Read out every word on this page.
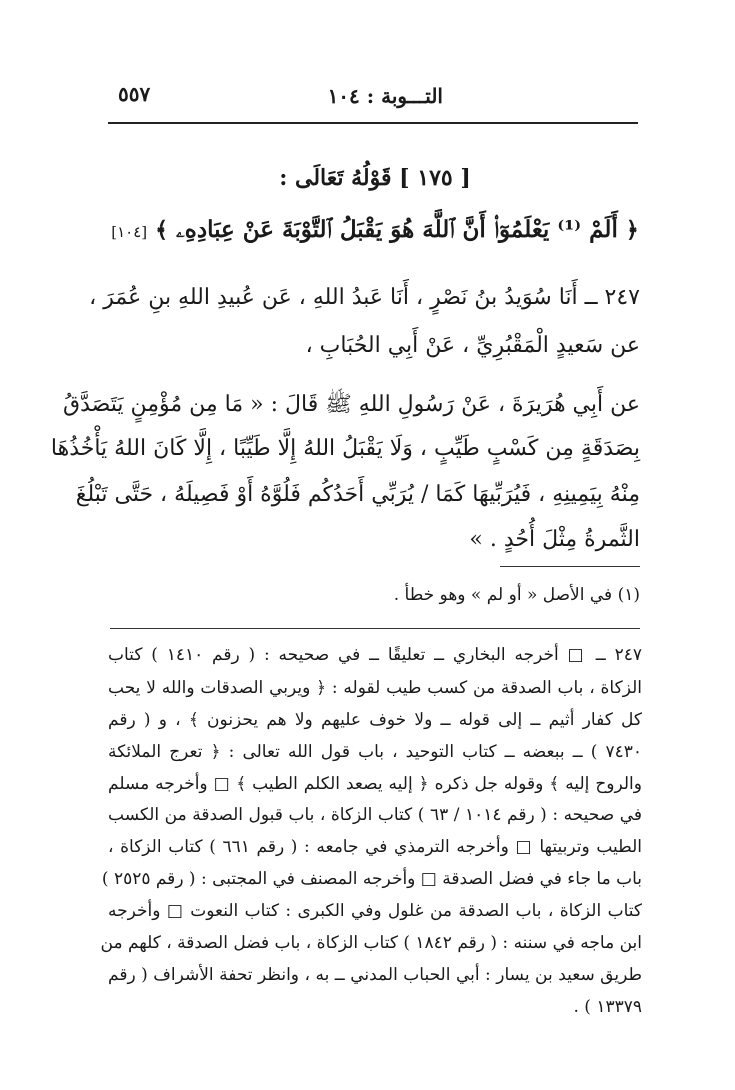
٥٥٧	التـــوبة : ١٠٤
[ ١٧٥ ] قَوْلُهُ تَعَالَى :
﴿ أَلَمْ ⁽¹⁾ يَعْلَمُوٓا۟ أَنَّ ٱللَّهَ هُوَ يَقْبَلُ ٱلتَّوْبَةَ عَنْ عِبَادِهِۦ ﴾ [١٠٤]
٢٤٧ ــ أَنَا سُوَيدُ بنُ نَصْرٍ ، أَنَا عَبدُ اللهِ ، عَن عُبيدِ اللهِ بنِ عُمَرَ ،
عن سَعيدٍ الْمَقْبُرِيِّ ، عَنْ أَبِي الحُبَابِ ،
عن أَبِي هُرَيرَةَ ، عَنْ رَسُولِ اللهِ ﷺ قَالَ : « مَا مِن مُؤْمِنٍ يَتَصَدَّقُ
بِصَدَقَةٍ مِن كَسْبٍ طَيِّبٍ ، وَلَا يَقْبَلُ اللهُ إِلَّا طَيِّبًا ، إِلَّا كَانَ اللهُ يَأْخُذُهَا
مِنْهُ بِيَمِينِهِ ، فَيُرَبِّيهَا كَمَا / يُرَبِّي أَحَدُكُم فَلُوَّهُ أَوْ فَصِيلَهُ ، حَتَّى تَبْلُغَ
الثَّمرةُ مِثْلَ أُحُدٍ . »
(١) في الأصل « أو لم » وهو خطأ .
٢٤٧ ــ □ أخرجه البخاري ــ تعليقًا ــ في صحيحه : ( رقم ١٤١٠ ) كتاب
الزكاة ، باب الصدقة من كسب طيب لقوله : ﴿ ويربي الصدقات والله لا يحب
كل كفار أثيم ــ إلى قوله ــ ولا خوف عليهم ولا هم يحزنون ﴾ ، و ( رقم
٧٤٣٠ ) ــ ببعضه ــ كتاب التوحيد ، باب قول الله تعالى : ﴿ تعرج الملائكة
والروح إليه ﴾ وقوله جل ذكره ﴿ إليه يصعد الكلم الطيب ﴾ □ وأخرجه مسلم
في صحيحه : ( رقم ١٠١٤ / ٦٣ ) كتاب الزكاة ، باب قبول الصدقة من الكسب
الطيب وتربيتها □ وأخرجه الترمذي في جامعه : ( رقم ٦٦١ ) كتاب الزكاة ،
باب ما جاء في فضل الصدقة □ وأخرجه المصنف في المجتبى : ( رقم ٢٥٢٥ )
كتاب الزكاة ، باب الصدقة من غلول وفي الكبرى : كتاب النعوت □ وأخرجه
ابن ماجه في سننه : ( رقم ١٨٤٢ ) كتاب الزكاة ، باب فضل الصدقة ، كلهم من
طريق سعيد بن يسار : أبي الحباب المدني ــ به ، وانظر تحفة الأشراف ( رقم
١٣٣٧٩ ) .
